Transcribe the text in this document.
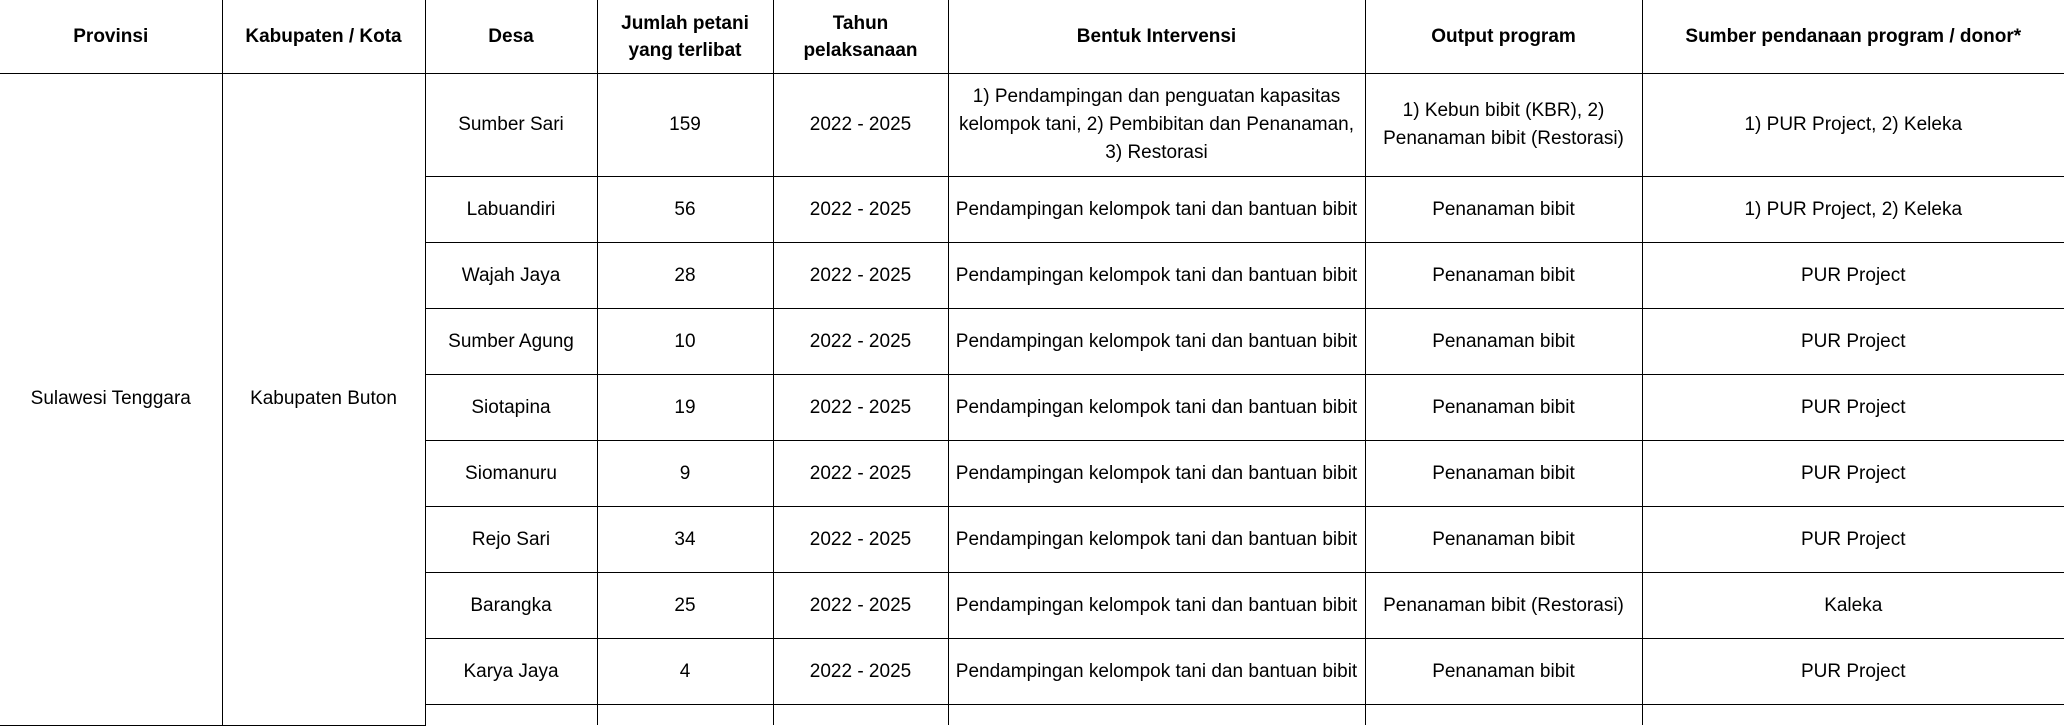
Provinsi	Kabupaten / Kota	Desa	Jumlah petani yang terlibat	Tahun pelaksanaan	Bentuk Intervensi	Output program	Sumber pendanaan program / donor*
Sulawesi Tenggara	Kabupaten Buton	Sumber Sari	159	2022 - 2025	1) Pendampingan dan penguatan kapasitas kelompok tani, 2) Pembibitan dan Penanaman, 3) Restorasi	1) Kebun bibit (KBR), 2) Penanaman bibit (Restorasi)	1) PUR Project, 2) Keleka
		Labuandiri	56	2022 - 2025	Pendampingan kelompok tani dan bantuan bibit	Penanaman bibit	1) PUR Project, 2) Keleka
		Wajah Jaya	28	2022 - 2025	Pendampingan kelompok tani dan bantuan bibit	Penanaman bibit	PUR Project
		Sumber Agung	10	2022 - 2025	Pendampingan kelompok tani dan bantuan bibit	Penanaman bibit	PUR Project
		Siotapina	19	2022 - 2025	Pendampingan kelompok tani dan bantuan bibit	Penanaman bibit	PUR Project
		Siomanuru	9	2022 - 2025	Pendampingan kelompok tani dan bantuan bibit	Penanaman bibit	PUR Project
		Rejo Sari	34	2022 - 2025	Pendampingan kelompok tani dan bantuan bibit	Penanaman bibit	PUR Project
		Barangka	25	2022 - 2025	Pendampingan kelompok tani dan bantuan bibit	Penanaman bibit (Restorasi)	Kaleka
		Karya Jaya	4	2022 - 2025	Pendampingan kelompok tani dan bantuan bibit	Penanaman bibit	PUR Project
